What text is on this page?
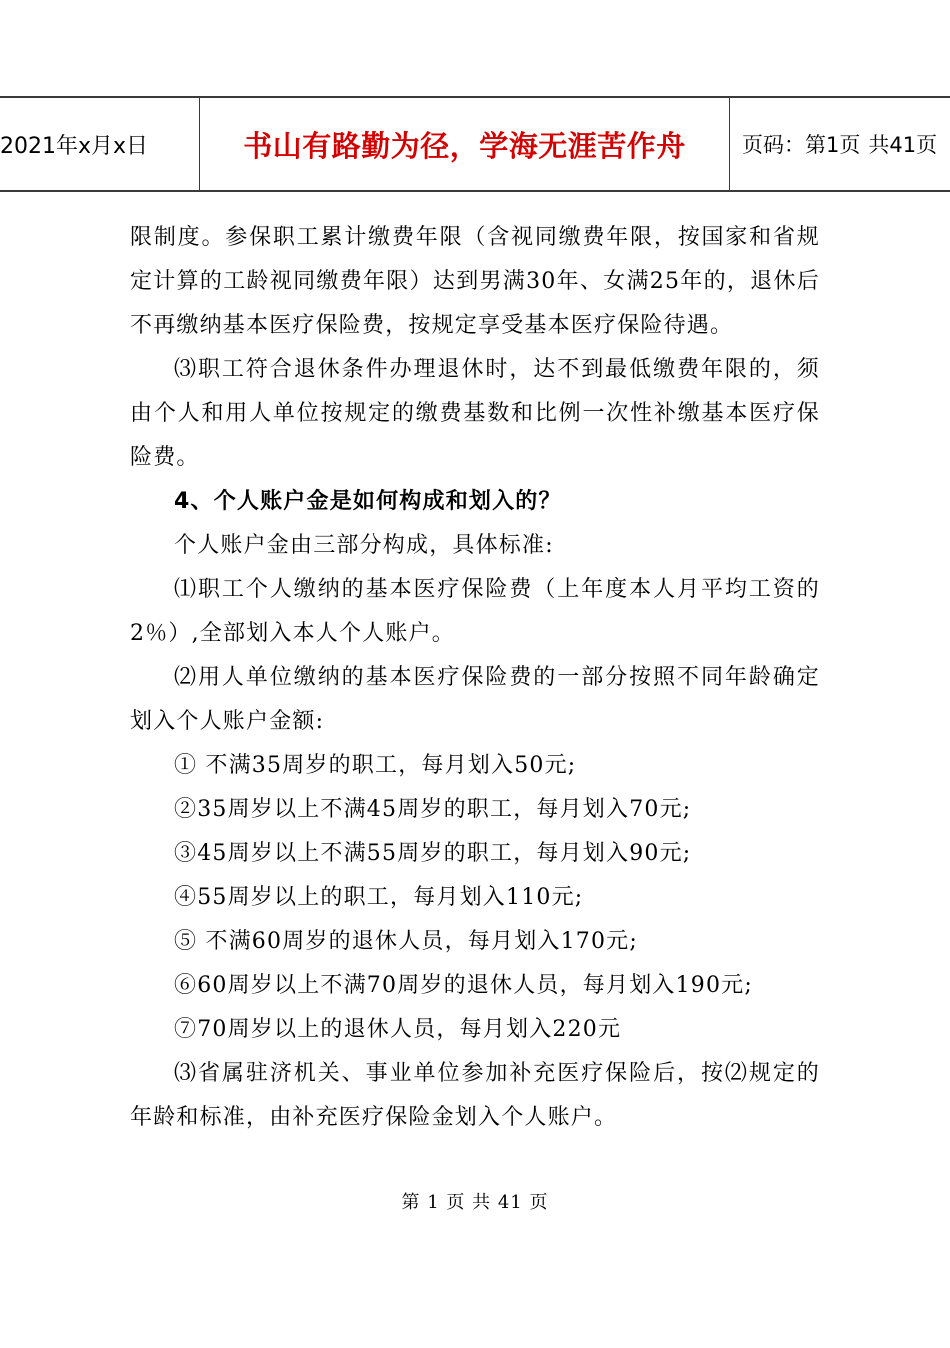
2021年x月x日	书山有路勤为径，学海无涯苦作舟	页码：第1页 共41页

限制度。参保职工累计缴费年限（含视同缴费年限，按国家和省规定计算的工龄视同缴费年限）达到男满30年、女满25年的，退休后不再缴纳基本医疗保险费，按规定享受基本医疗保险待遇。

⑶职工符合退休条件办理退休时，达不到最低缴费年限的，须由个人和用人单位按规定的缴费基数和比例一次性补缴基本医疗保险费。

4、个人账户金是如何构成和划入的？

个人账户金由三部分构成，具体标准:

⑴职工个人缴纳的基本医疗保险费（上年度本人月平均工资的2％）,全部划入本人个人账户。

⑵用人单位缴纳的基本医疗保险费的一部分按照不同年龄确定划入个人账户金额:

① 不满35周岁的职工，每月划入50元;

②35周岁以上不满45周岁的职工，每月划入70元;

③45周岁以上不满55周岁的职工，每月划入90元;

④55周岁以上的职工，每月划入110元;

⑤ 不满60周岁的退休人员，每月划入170元;

⑥60周岁以上不满70周岁的退休人员，每月划入190元;

⑦70周岁以上的退休人员，每月划入220元

⑶省属驻济机关、事业单位参加补充医疗保险后，按⑵规定的年龄和标准，由补充医疗保险金划入个人账户。

第 1 页 共 41 页
